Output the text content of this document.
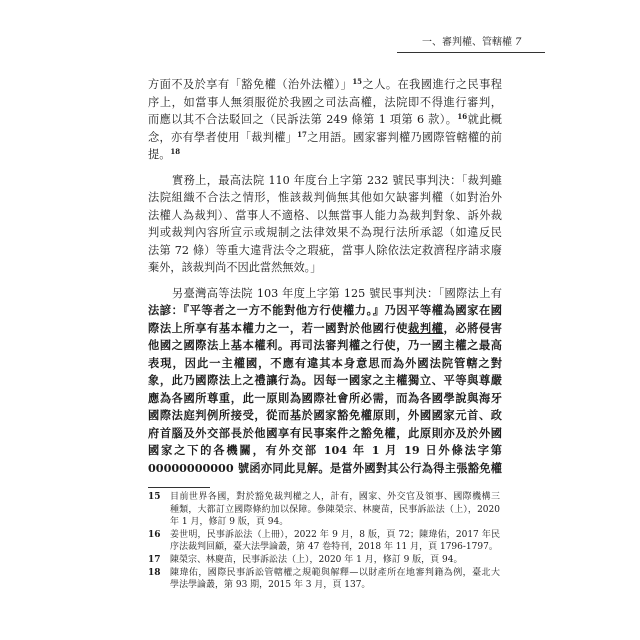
一、審判權、管轄權 7
方面不及於享有「豁免權（治外法權）」$^{15}$之人。在我國進行之民事程
序上，如當事人無須服從於我國之司法高權，法院即不得進行審判，
而應以其不合法駁回之（民訴法第 249 條第 1 項第 6 款）。$^{16}$就此概
念，亦有學者使用「裁判權」$^{17}$之用語。國家審判權乃國際管轄權的前
提。$^{18}$
實務上，最高法院 110 年度台上字第 232 號民事判決：「裁判雖
法院組織不合法之情形，惟該裁判倘無其他如欠缺審判權（如對治外
法權人為裁判）、當事人不適格、以無當事人能力為裁判對象、訴外裁
判或裁判內容所宣示或規制之法律效果不為現行法所承認（如違反民
法第 72 條）等重大違背法令之瑕疵，當事人除依法定救濟程序請求廢
棄外，該裁判尚不因此當然無效。」
另臺灣高等法院 103 年度上字第 125 號民事判決：「國際法上有
法諺：『平等者之一方不能對他方行使權力。』乃因平等權為國家在國
際法上所享有基本權力之一，若一國對於他國行使裁判權，必將侵害
他國之國際法上基本權利。再司法審判權之行使，乃一國主權之最高
表現，因此一主權國，不應有違其本身意思而為外國法院管轄之對
象，此乃國際法上之禮讓行為。因每一國家之主權獨立、平等與尊嚴
應為各國所尊重，此一原則為國際社會所必需，而為各國學說與海牙
國際法庭判例所接受，從而基於國家豁免權原則，外國國家元首、政
府首腦及外交部長於他國享有民事案件之豁免權，此原則亦及於外國
國家之下的各機關，有外交部 104 年 1 月 19 日外條法字第
00000000000 號函亦同此見解。是當外國對其公行為得主張豁免權
15	目前世界各國，對於豁免裁判權之人，計有，國家、外交官及領事、國際機構三
種類，大都訂立國際條約加以保障。參陳榮宗、林慶苗，民事訴訟法（上），2020
年 1 月，修訂 9 版，頁 94。
16	姜世明，民事訴訟法（上冊），2022 年 9 月，8 版，頁 72；陳瑋佑，2017 年民
序法裁判回顧，臺大法學論叢，第 47 卷特刊，2018 年 11 月，頁 1796-1797。
17	陳榮宗、林慶苗，民事訴訟法（上），2020 年 1 月，修訂 9 版，頁 94。
18	陳瑋佑，國際民事訴訟管轄權之規範與解釋—以財產所在地審判籍為例，臺北大
學法學論叢，第 93 期，2015 年 3 月，頁 137。
